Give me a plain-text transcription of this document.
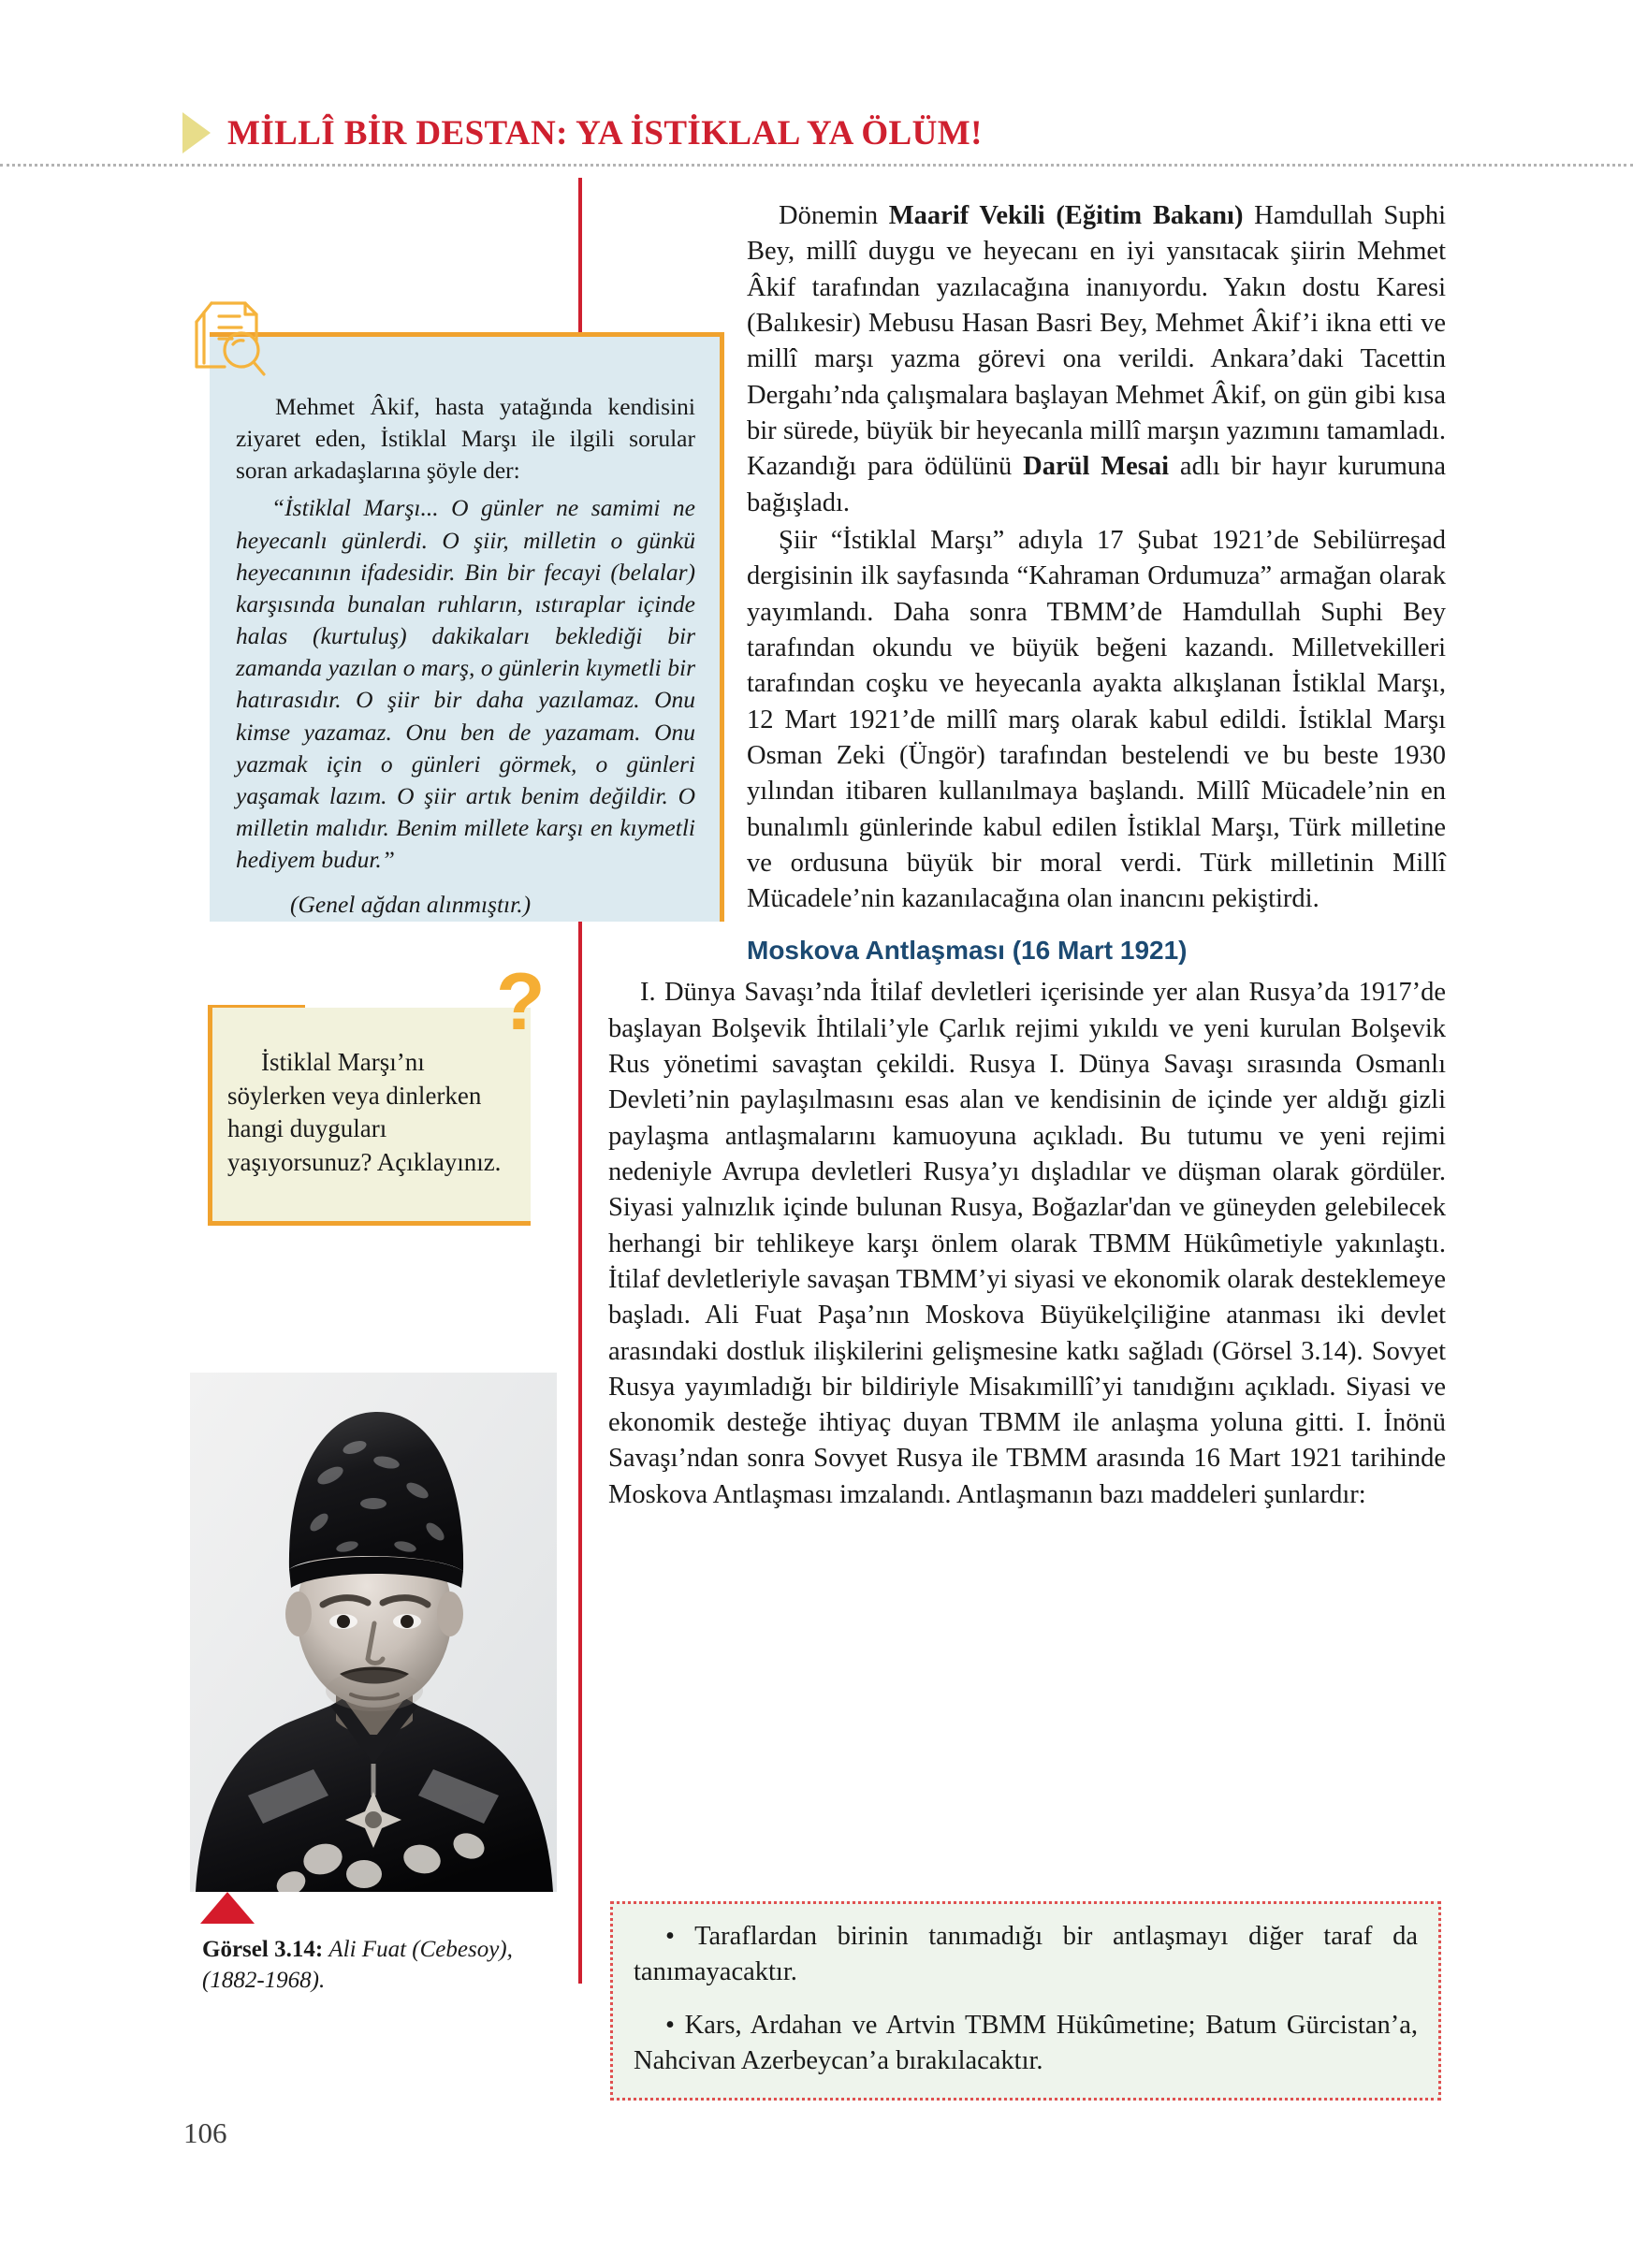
MİLLÎ BİR DESTAN: YA İSTİKLAL YA ÖLÜM!

Mehmet Âkif, hasta yatağında kendisini ziyaret eden, İstiklal Marşı ile ilgili sorular soran arkadaşlarına şöyle der:

“İstiklal Marşı... O günler ne samimi ne heyecanlı günlerdi. O şiir, milletin o günkü heyecanının ifadesidir. Bin bir fecayi (belalar) karşısında bunalan ruhların, ıstıraplar içinde halas (kurtuluş) dakikaları beklediği bir zamanda yazılan o marş, o günlerin kıymetli bir hatırasıdır. O şiir bir daha yazılamaz. Onu kimse yazamaz. Onu ben de yazamam. Onu yazmak için o günleri görmek, o günleri yaşamak lazım. O şiir artık benim değildir. O milletin malıdır. Benim millete karşı en kıymetli hediyem budur.”

(Genel ağdan alınmıştır.)

?
İstiklal Marşı’nı söylerken veya dinlerken hangi duyguları yaşıyorsunuz? Açıklayınız.
Görsel 3.14: Ali Fuat (Cebesoy), (1882-1968).
106

Dönemin Maarif Vekili (Eğitim Bakanı) Hamdullah Suphi Bey, millî duygu ve heyecanı en iyi yansıtacak şiirin Mehmet Âkif tarafından yazılacağına inanıyordu. Yakın dostu Karesi (Balıkesir) Mebusu Hasan Basri Bey, Mehmet Âkif’i ikna etti ve millî marşı yazma görevi ona verildi. Ankara’daki Tacettin Dergahı’nda çalışmalara başlayan Mehmet Âkif, on gün gibi kısa bir sürede, büyük bir heyecanla millî marşın yazımını tamamladı. Kazandığı para ödülünü Darül Mesai adlı bir hayır kurumuna bağışladı.

Şiir “İstiklal Marşı” adıyla 17 Şubat 1921’de Sebilürreşad dergisinin ilk sayfasında “Kahraman Ordumuza” armağan olarak yayımlandı. Daha sonra TBMM’de Hamdullah Suphi Bey tarafından okundu ve büyük beğeni kazandı. Milletvekilleri tarafından coşku ve heyecanla ayakta alkışlanan İstiklal Marşı, 12 Mart 1921’de millî marş olarak kabul edildi. İstiklal Marşı Osman Zeki (Üngör) tarafından bestelendi ve bu beste 1930 yılından itibaren kullanılmaya başlandı. Millî Mücadele’nin en bunalımlı günlerinde kabul edilen İstiklal Marşı, Türk milletine ve ordusuna büyük bir moral verdi. Türk milletinin Millî Mücadele’nin kazanılacağına olan inancını pekiştirdi.

Moskova Antlaşması (16 Mart 1921)

I. Dünya Savaşı’nda İtilaf devletleri içerisinde yer alan Rusya’da 1917’de başlayan Bolşevik İhtilali’yle Çarlık rejimi yıkıldı ve yeni kurulan Bolşevik Rus yönetimi savaştan çekildi. Rusya I. Dünya Savaşı sırasında Osmanlı Devleti’nin paylaşılmasını esas alan ve kendisinin de içinde yer aldığı gizli paylaşma antlaşmalarını kamuoyuna açıkladı. Bu tutumu ve yeni rejimi nedeniyle Avrupa devletleri Rusya’yı dışladılar ve düşman olarak gördüler. Siyasi yalnızlık içinde bulunan Rusya, Boğazlar'dan ve güneyden gelebilecek herhangi bir tehlikeye karşı önlem olarak TBMM Hükûmetiyle yakınlaştı. İtilaf devletleriyle savaşan TBMM’yi siyasi ve ekonomik olarak desteklemeye başladı. Ali Fuat Paşa’nın Moskova Büyükelçiliğine atanması iki devlet arasındaki dostluk ilişkilerini gelişmesine katkı sağladı (Görsel 3.14). Sovyet Rusya yayımladığı bir bildiriyle Misakımillî’yi tanıdığını açıkladı. Siyasi ve ekonomik desteğe ihtiyaç duyan TBMM ile anlaşma yoluna gitti. I. İnönü Savaşı’ndan sonra Sovyet Rusya ile TBMM arasında 16 Mart 1921 tarihinde Moskova Antlaşması imzalandı. Antlaşmanın bazı maddeleri şunlardır:

• Taraflardan birinin tanımadığı bir antlaşmayı diğer taraf da tanımayacaktır.

• Kars, Ardahan ve Artvin TBMM Hükûmetine; Batum Gürcistan’a, Nahcivan Azerbeycan’a bırakılacaktır.
